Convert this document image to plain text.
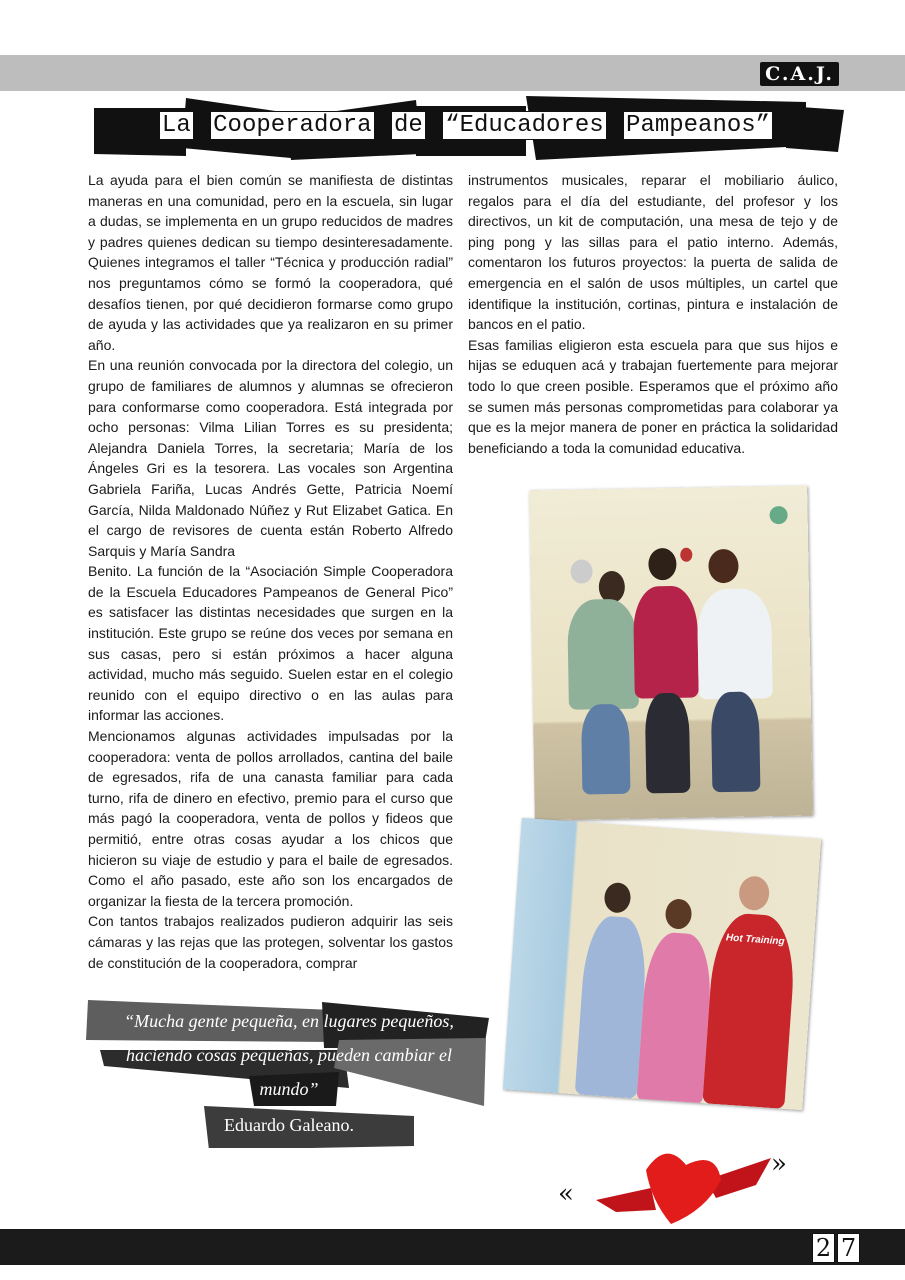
C.A.J.
La Cooperadora de “Educadores Pampeanos”

La ayuda para el bien común se manifiesta de distintas maneras en una comunidad, pero en la escuela, sin lugar a dudas, se implementa en un grupo reducidos de madres y padres quienes dedican su tiempo desinteresadamente. Quienes integramos el taller “Técnica y producción radial” nos preguntamos cómo se formó la cooperadora, qué desafíos tienen, por qué decidieron formarse como grupo de ayuda y las actividades que ya realizaron en su primer año.

En una reunión convocada por la directora del colegio, un grupo de familiares de alumnos y alumnas se ofrecieron para conformarse como cooperadora. Está integrada por ocho personas: Vilma Lilian Torres es su presidenta; Alejandra Daniela Torres, la secretaria; María de los Ángeles Gri es la tesorera. Las vocales son Argentina Gabriela Fariña, Lucas Andrés Gette, Patricia Noemí García, Nilda Maldonado Núñez y Rut Elizabet Gatica. En el cargo de revisores de cuenta están Roberto Alfredo Sarquis y María Sandra

Benito. La función de la “Asociación Simple Cooperadora de la Escuela Educadores Pampeanos de General Pico” es satisfacer las distintas necesidades que surgen en la institución. Este grupo se reúne dos veces por semana en sus casas, pero si están próximos a hacer alguna actividad, mucho más seguido. Suelen estar en el colegio reunido con el equipo directivo o en las aulas para informar las acciones.

Mencionamos algunas actividades impulsadas por la cooperadora: venta de pollos arrollados, cantina del baile de egresados, rifa de una canasta familiar para cada turno, rifa de dinero en efectivo, premio para el curso que más pagó la cooperadora, venta de pollos y fideos que permitió, entre otras cosas ayudar a los chicos que hicieron su viaje de estudio y para el baile de egresados. Como el año pasado, este año son los encargados de organizar la fiesta de la tercera promoción.

Con tantos trabajos realizados pudieron adquirir las seis cámaras y las rejas que las protegen, solventar los gastos de constitución de la cooperadora, comprar

instrumentos musicales, reparar el mobiliario áulico, regalos para el día del estudiante, del profesor y los directivos, un kit de computación, una mesa de tejo y de ping pong y las sillas para el patio interno. Además, comentaron los futuros proyectos: la puerta de salida de emergencia en el salón de usos múltiples, un cartel que identifique la institución, cortinas, pintura e instalación de bancos en el patio.

Esas familias eligieron esta escuela para que sus hijos e hijas se eduquen acá y trabajan fuertemente para mejorar todo lo que creen posible. Esperamos que el próximo año se sumen más personas comprometidas para colaborar ya que es la mejor manera de poner en práctica la solidaridad beneficiando a toda la comunidad educativa.

Hot Training
“Mucha gente pequeña, en lugares pequeños,
haciendo cosas pequeñas, pueden cambiar el
mundo”
Eduardo Galeano.
«
»
2 7
